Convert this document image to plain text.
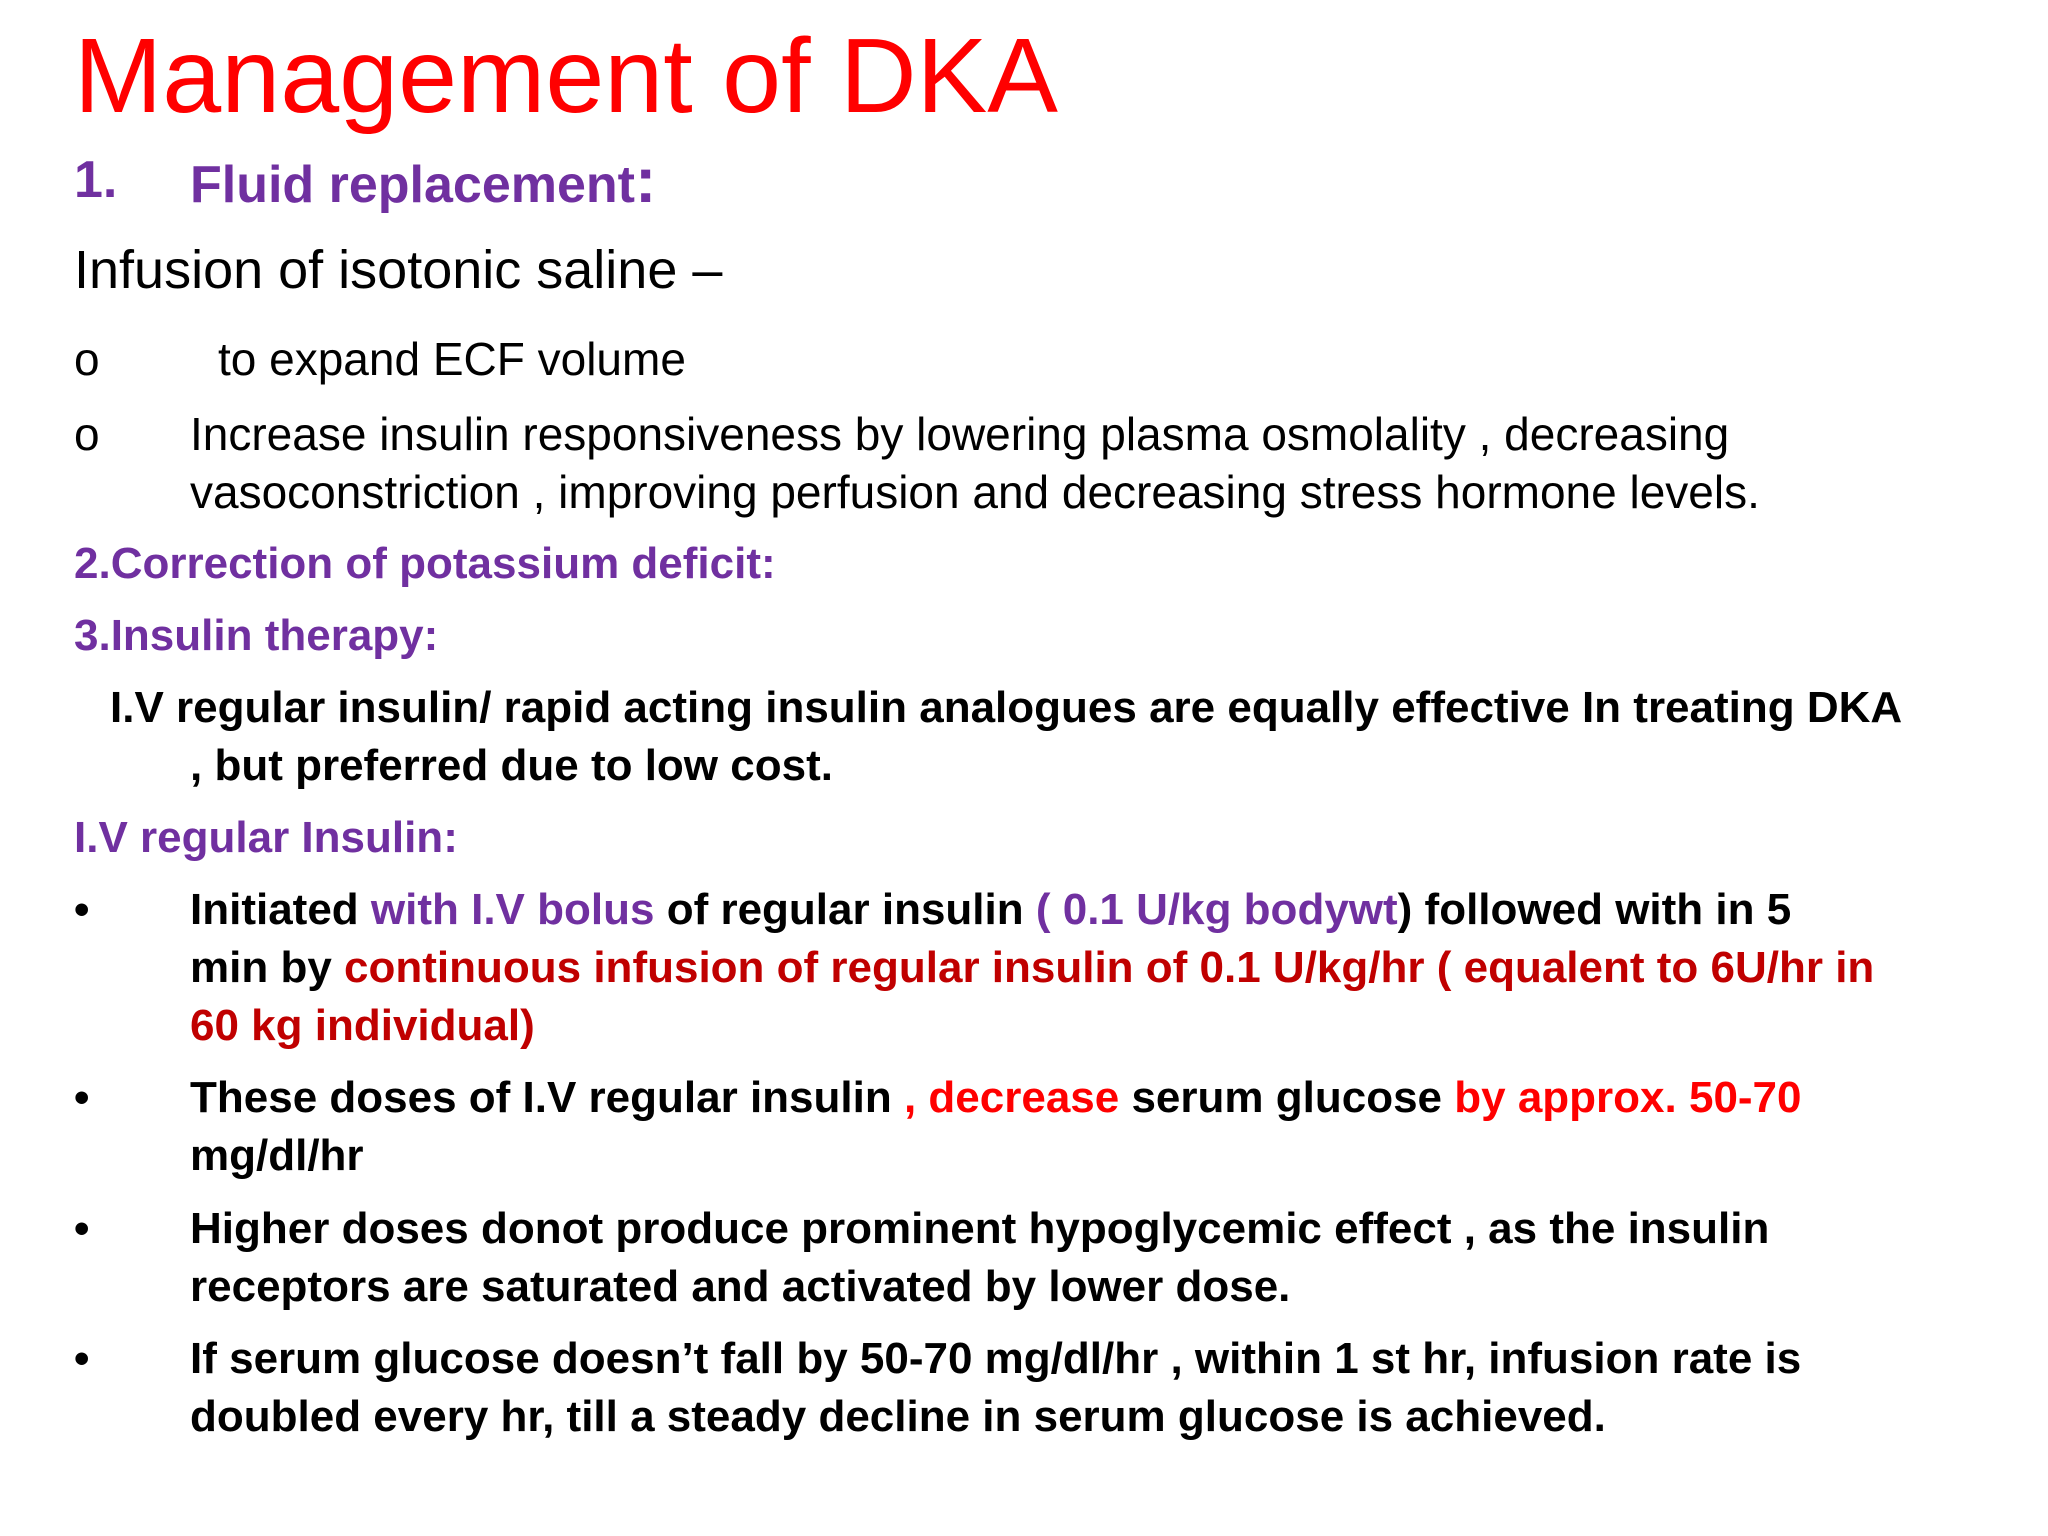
Management of DKA
1. Fluid replacement:
Infusion of isotonic saline –
o	to expand ECF volume
o Increase insulin responsiveness by lowering plasma osmolality , decreasing
vasoconstriction , improving perfusion and decreasing stress hormone levels.
2.Correction of potassium deficit:
3.Insulin therapy:
I.V regular insulin/ rapid acting insulin analogues are equally effective In treating DKA
, but preferred due to low cost.
I.V regular Insulin:
• Initiated with I.V bolus of regular insulin ( 0.1 U/kg bodywt) followed with in 5
min by continuous infusion of regular insulin of 0.1 U/kg/hr ( equalent to 6U/hr in
60 kg individual)
• These doses of I.V regular insulin , decrease serum glucose by approx. 50-70
mg/dl/hr
• Higher doses donot produce prominent hypoglycemic effect , as the insulin
receptors are saturated and activated by lower dose.
• If serum glucose doesn’t fall by 50-70 mg/dl/hr , within 1 st hr, infusion rate is
doubled every hr, till a steady decline in serum glucose is achieved.
